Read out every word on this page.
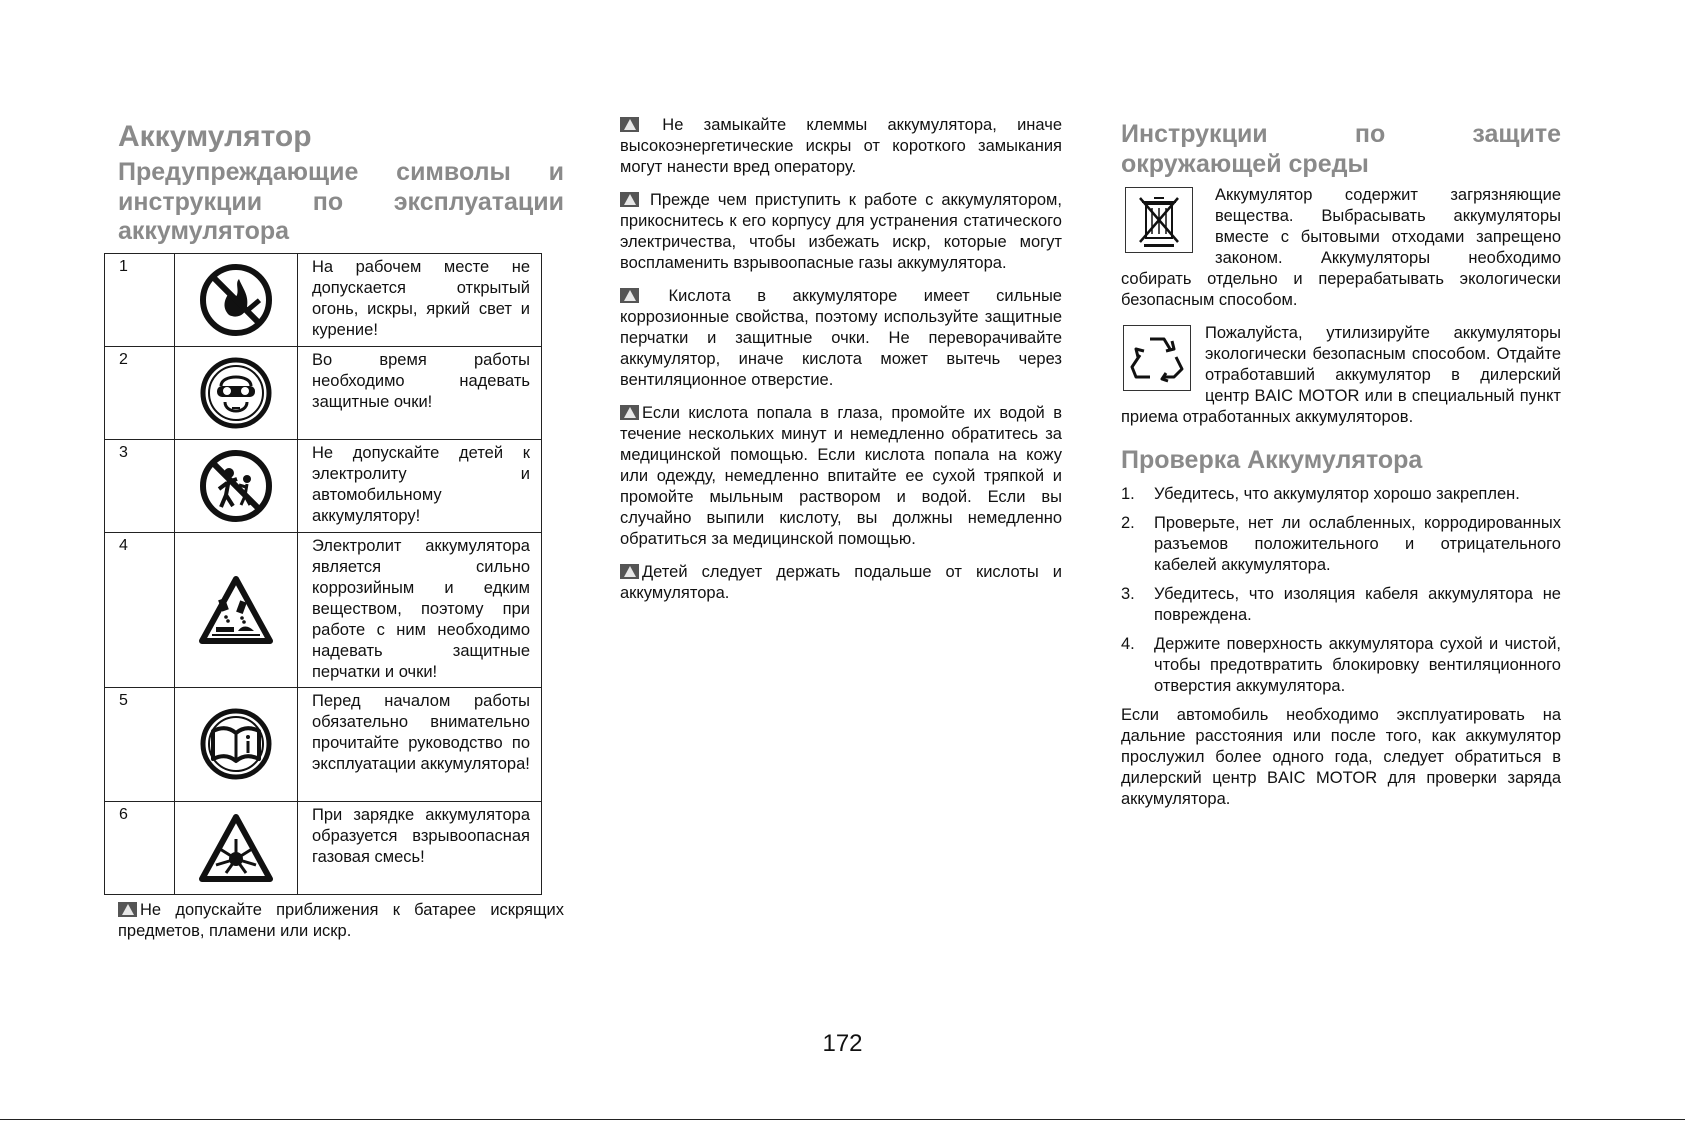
Аккумулятор
Предупреждающие символы и инструкции по эксплуатации аккумулятора
1		На рабочем месте не допускается открытый огонь, искры, яркий свет и курение!
2		Во время работы необходимо надевать защитные очки!
3		Не допускайте детей к электролиту и автомобильному аккумулятору!
4		Электролит аккумулятора является сильно коррозийным и едким веществом, поэтому при работе с ним необходимо надевать защитные перчатки и очки!
5		Перед началом работы обязательно внимательно прочитайте руководство по эксплуатации аккумулятора!
6		При зарядке аккумулятора образуется взрывоопасная газовая смесь!

Не допускайте приближения к батарее искрящих предметов, пламени или искр.

Не замыкайте клеммы аккумулятора, иначе высокоэнергетические искры от короткого замыкания могут нанести вред оператору.

Прежде чем приступить к работе с аккумулятором, прикоснитесь к его корпусу для устранения статического электричества, чтобы избежать искр, которые могут воспламенить взрывоопасные газы аккумулятора.

Кислота в аккумуляторе имеет сильные коррозионные свойства, поэтому используйте защитные перчатки и защитные очки. Не переворачивайте аккумулятор, иначе кислота может вытечь через вентиляционное отверстие.

Если кислота попала в глаза, промойте их водой в течение нескольких минут и немедленно обратитесь за медицинской помощью. Если кислота попала на кожу или одежду, немедленно впитайте ее сухой тряпкой и промойте мыльным раствором и водой. Если вы случайно выпили кислоту, вы должны немедленно обратиться за медицинской помощью.

Детей следует держать подальше от кислоты и аккумулятора.

Инструкции по защите окружающей среды

Аккумулятор содержит загрязняющие вещества. Выбрасывать аккумуляторы вместе с бытовыми отходами запрещено законом. Аккумуляторы необходимо собирать отдельно и перерабатывать экологически безопасным способом.

Пожалуйста, утилизируйте аккумуляторы экологически безопасным способом. Отдайте отработавший аккумулятор в дилерский центр BAIC MOTOR или в специальный пункт приема отработанных аккумуляторов.

Проверка Аккумулятора
1. Убедитесь, что аккумулятор хорошо закреплен.
2. Проверьте, нет ли ослабленных, корродированных разъемов положительного и отрицательного кабелей аккумулятора.
3. Убедитесь, что изоляция кабеля аккумулятора не повреждена.
4. Держите поверхность аккумулятора сухой и чистой, чтобы предотвратить блокировку вентиляционного отверстия аккумулятора.

Если автомобиль необходимо эксплуатировать на дальние расстояния или после того, как аккумулятор прослужил более одного года, следует обратиться в дилерский центр BAIC MOTOR для проверки заряда аккумулятора.

172
